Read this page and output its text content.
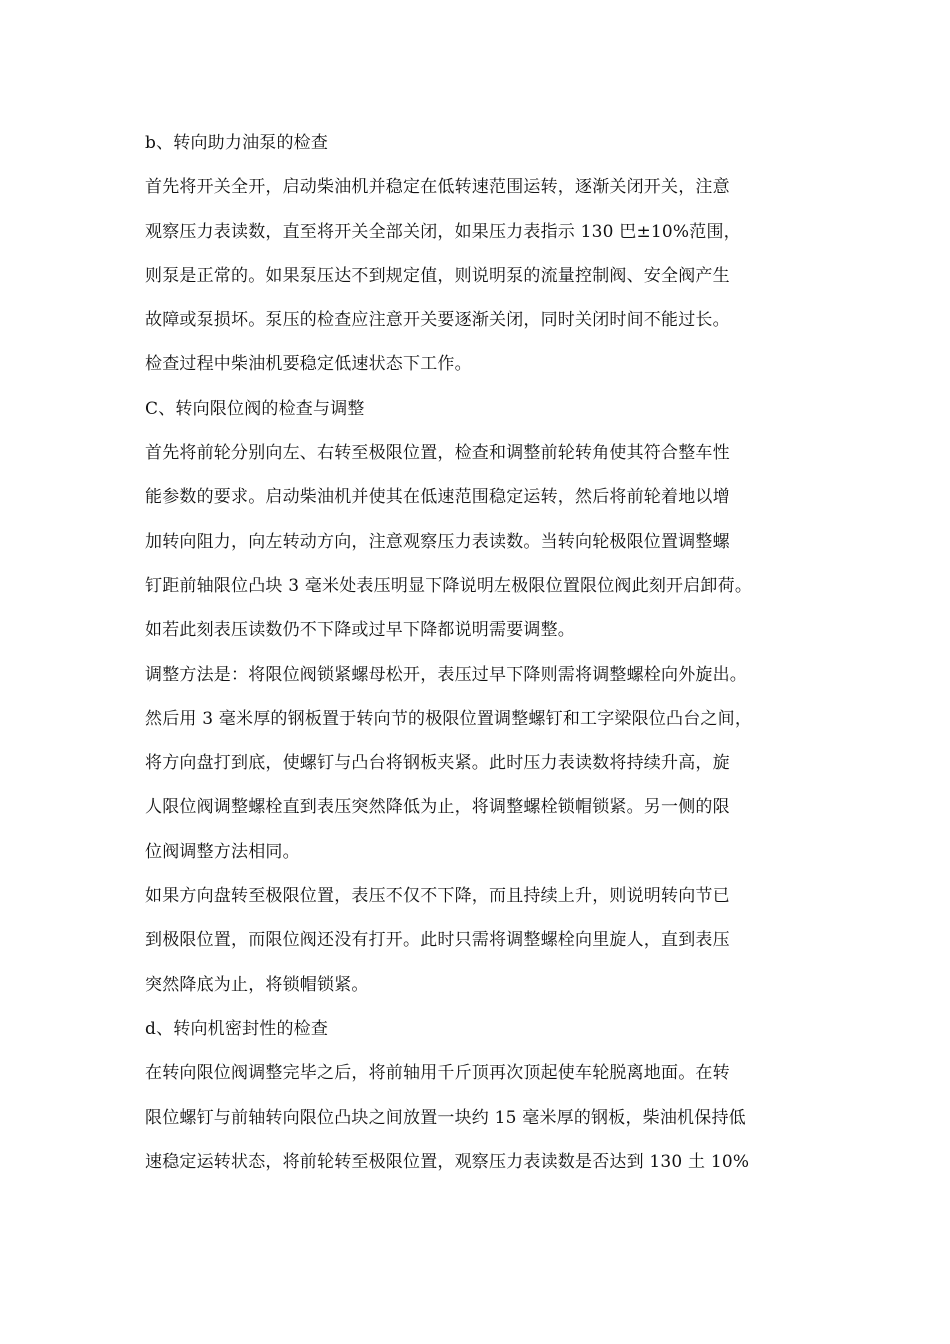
b、转向助力油泵的检查
首先将开关全开，启动柴油机并稳定在低转速范围运转，逐渐关闭开关，注意
观察压力表读数，直至将开关全部关闭，如果压力表指示 130 巴±10%范围，
则泵是正常的。如果泵压达不到规定值，则说明泵的流量控制阀、安全阀产生
故障或泵损坏。泵压的检查应注意开关要逐渐关闭，同时关闭时间不能过长。
检查过程中柴油机要稳定低速状态下工作。
C、转向限位阀的检查与调整
首先将前轮分别向左、右转至极限位置，检查和调整前轮转角使其符合整车性
能参数的要求。启动柴油机并使其在低速范围稳定运转，然后将前轮着地以增
加转向阻力，向左转动方向，注意观察压力表读数。当转向轮极限位置调整螺
钉距前轴限位凸块 3 毫米处表压明显下降说明左极限位置限位阀此刻开启卸荷。
如若此刻表压读数仍不下降或过早下降都说明需要调整。
调整方法是：将限位阀锁紧螺母松开，表压过早下降则需将调整螺栓向外旋出。
然后用 3 毫米厚的钢板置于转向节的极限位置调整螺钉和工字梁限位凸台之间，
将方向盘打到底，使螺钉与凸台将钢板夹紧。此时压力表读数将持续升高，旋
人限位阀调整螺栓直到表压突然降低为止，将调整螺栓锁帽锁紧。另一侧的限
位阀调整方法相同。
如果方向盘转至极限位置，表压不仅不下降，而且持续上升，则说明转向节已
到极限位置，而限位阀还没有打开。此时只需将调整螺栓向里旋人，直到表压
突然降底为止，将锁帽锁紧。
d、转向机密封性的检查
在转向限位阀调整完毕之后，将前轴用千斤顶再次顶起使车轮脱离地面。在转
限位螺钉与前轴转向限位凸块之间放置一块约 15 毫米厚的钢板，柴油机保持低
速稳定运转状态，将前轮转至极限位置，观察压力表读数是否达到 130 土 10%
